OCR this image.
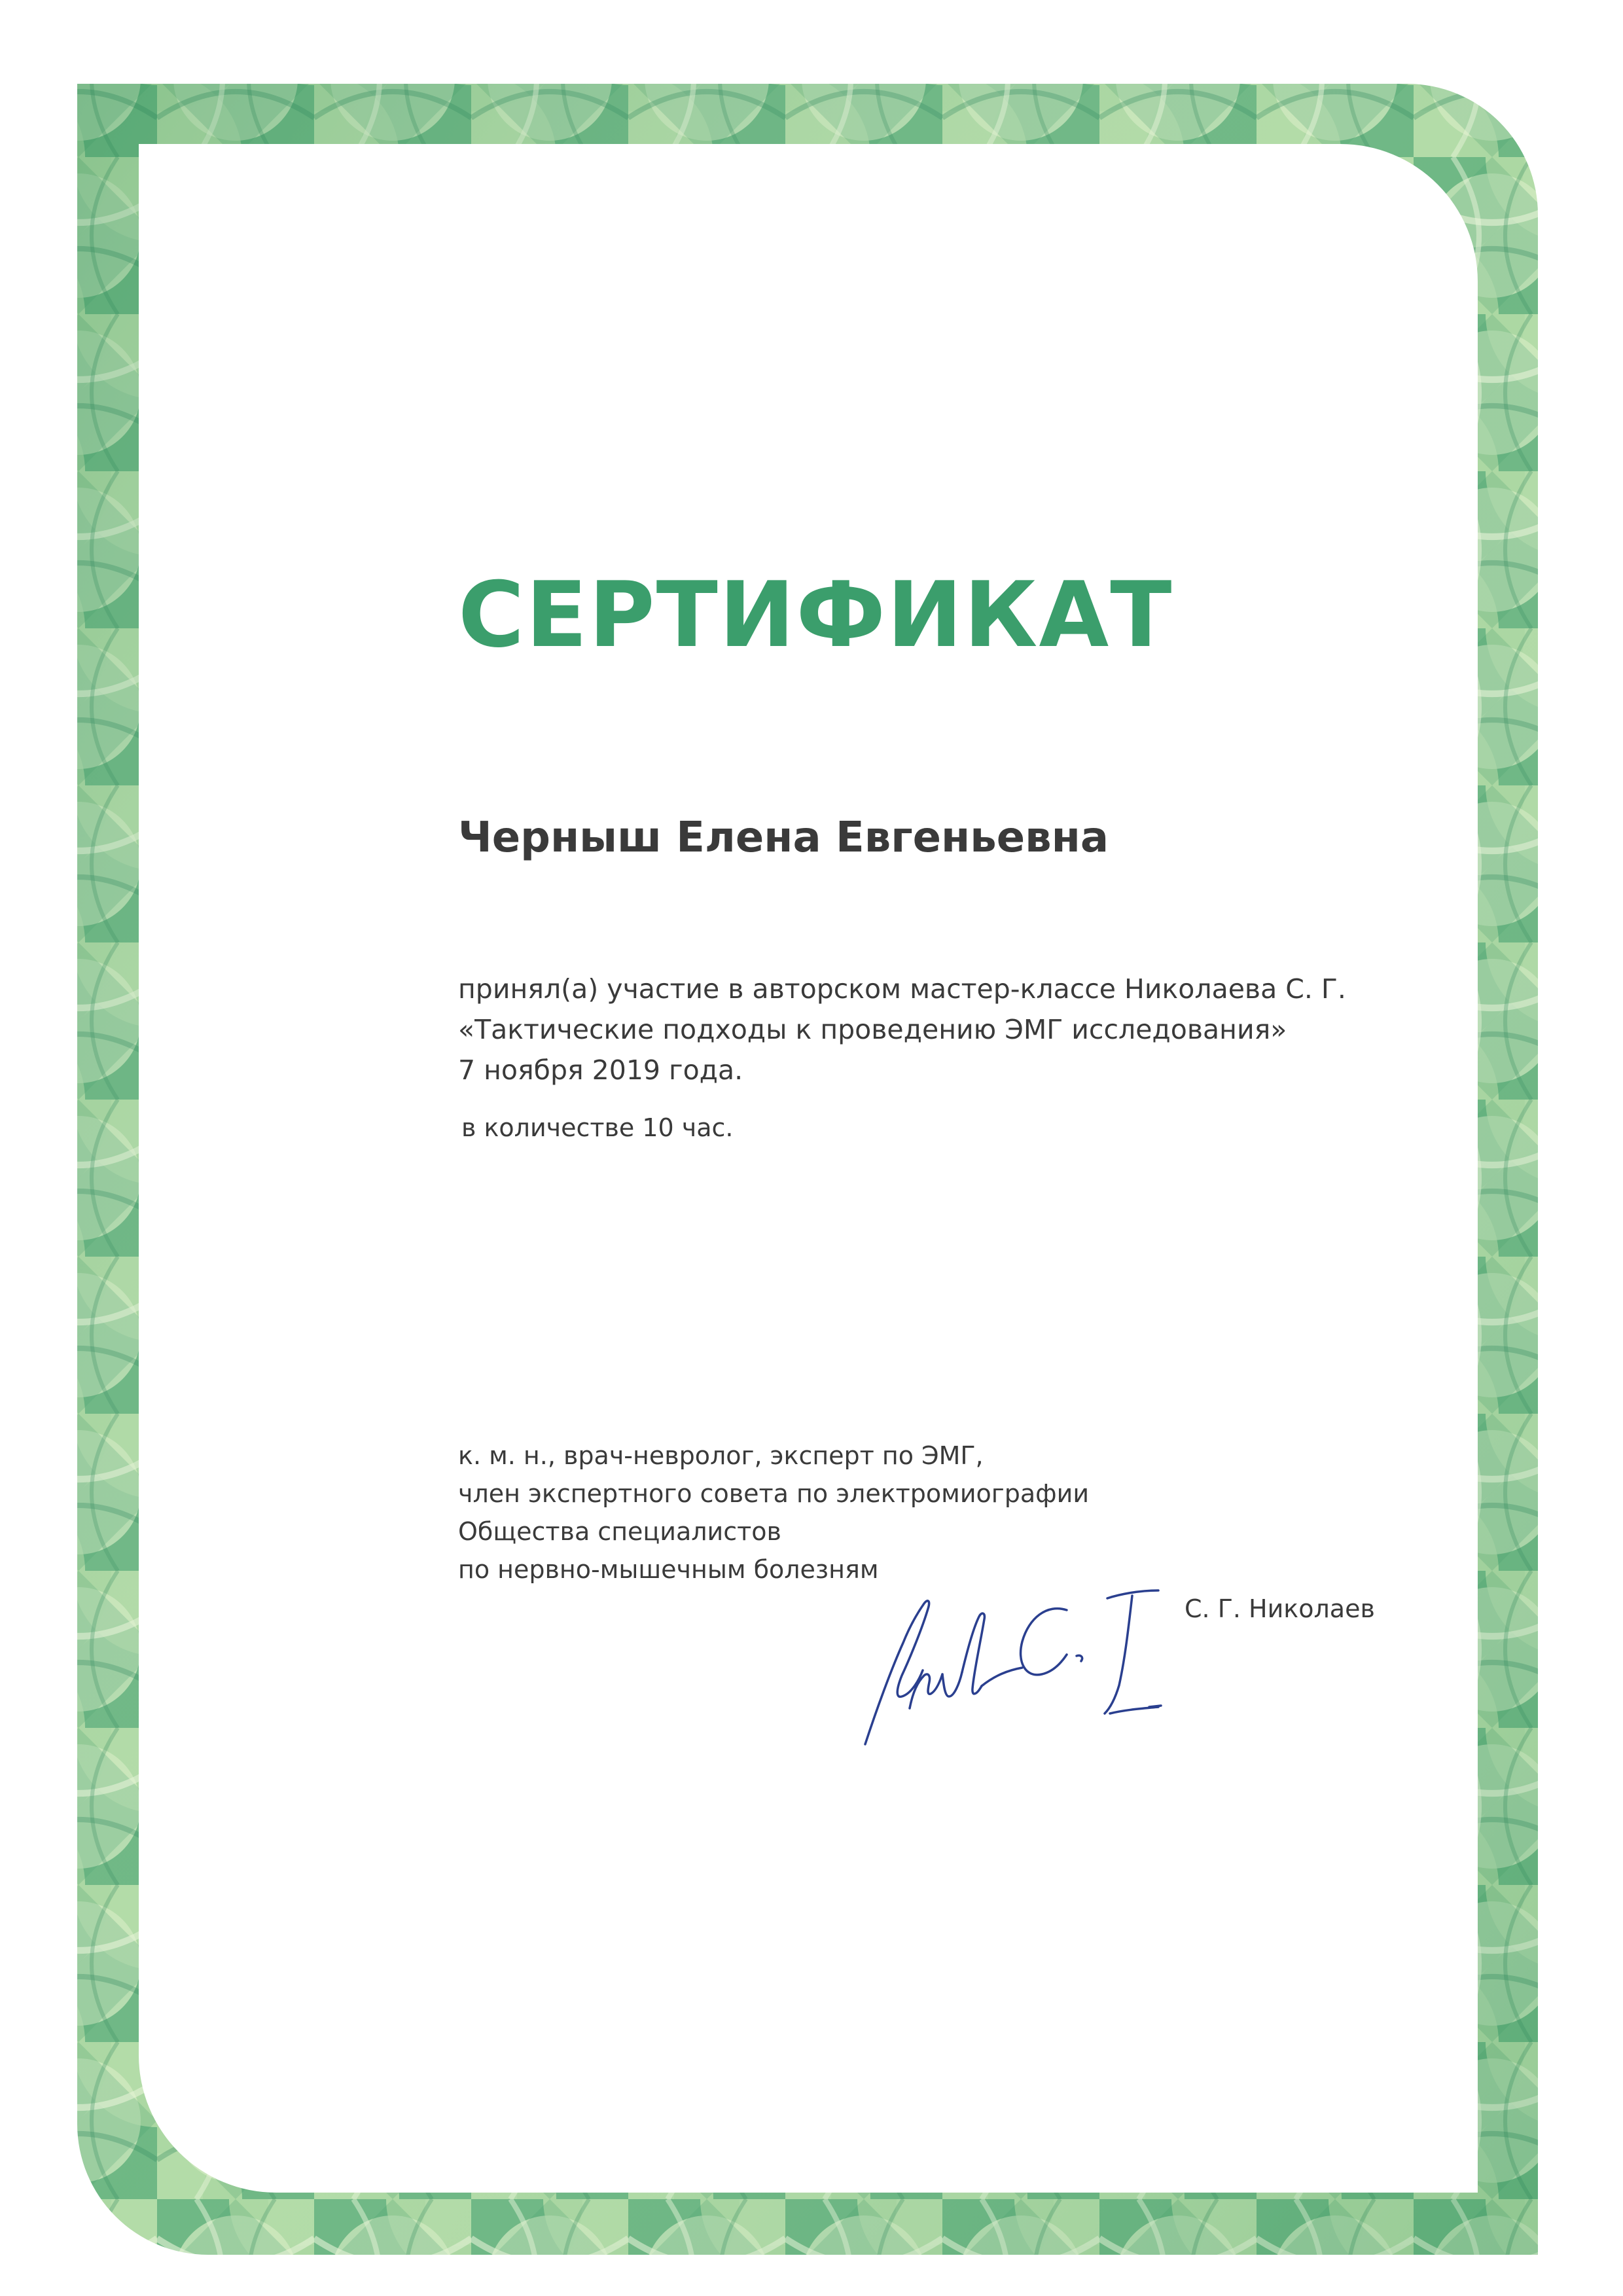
СЕРТИФИКАТ

Черныш Елена Евгеньевна

принял(а) участие в авторском мастер-классе Николаева С. Г.
«Тактические подходы к проведению ЭМГ исследования»
7 ноября 2019 года.

в количестве 10 час.

к. м. н., врач-невролог, эксперт по ЭМГ,
член экспертного совета по электромиографии
Общества специалистов
по нервно-мышечным болезням

С. Г. Николаев
